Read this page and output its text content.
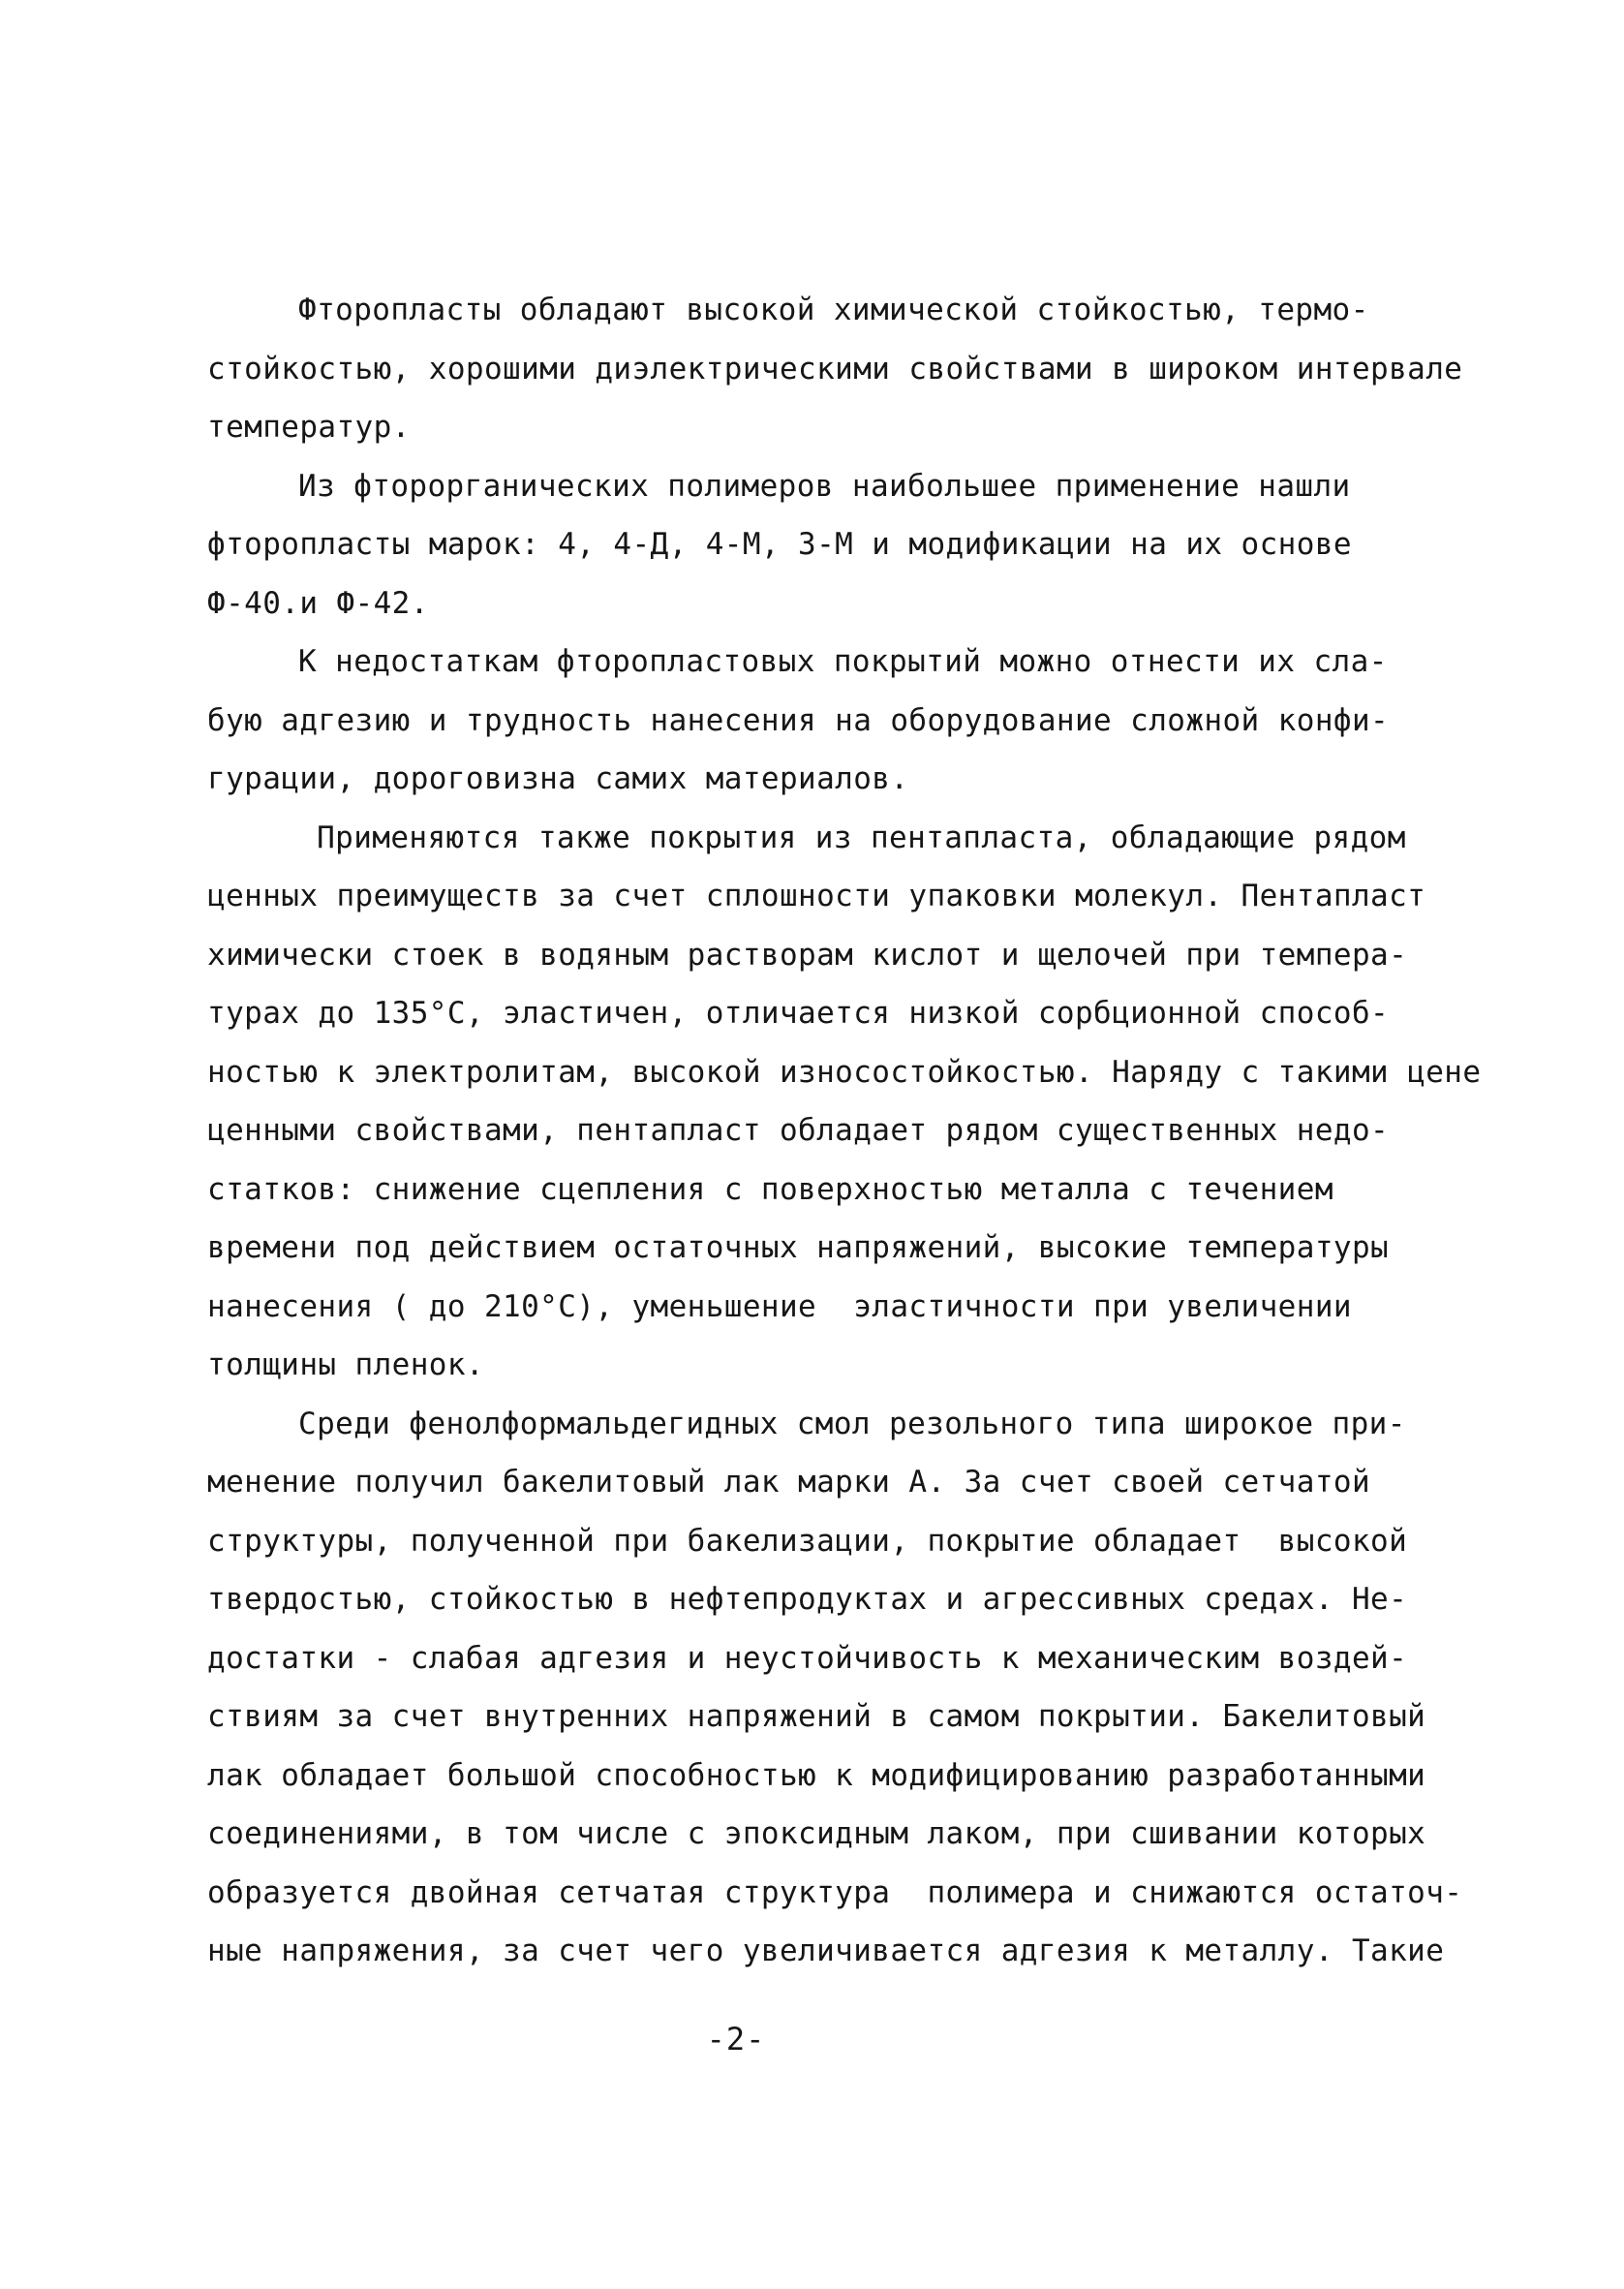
Фторопласты обладают высокой химической стойкостью, термо-
стойкостью, хорошими диэлектрическими свойствами в широком интервале
температур.
Из фторорганических полимеров наибольшее применение нашли
фторопласты марок: 4, 4-Д, 4-М, 3-М и модификации на их основе
Ф-40.и Ф-42.
К недостаткам фторопластовых покрытий можно отнести их сла-
бую адгезию и трудность нанесения на оборудование сложной конфи-
гурации, дороговизна самих материалов.
Применяются также покрытия из пентапласта, обладающие рядом
ценных преимуществ за счет сплошности упаковки молекул. Пентапласт
химически стоек в водяным растворам кислот и щелочей при темпера-
турах до 135°С, эластичен, отличается низкой сорбционной способ-
ностью к электролитам, высокой износостойкостью. Наряду с такими цене
ценными свойствами, пентапласт обладает рядом существенных недо-
статков: снижение сцепления с поверхностью металла с течением
времени под действием остаточных напряжений, высокие температуры
нанесения ( до 210°С), уменьшение  эластичности при увеличении
толщины пленок.
Среди фенолформальдегидных смол резольного типа широкое при-
менение получил бакелитовый лак марки А. За счет своей сетчатой
структуры, полученной при бакелизации, покрытие обладает  высокой
твердостью, стойкостью в нефтепродуктах и агрессивных средах. Не-
достатки - слабая адгезия и неустойчивость к механическим воздей-
ствиям за счет внутренних напряжений в самом покрытии. Бакелитовый
лак обладает большой способностью к модифицированию разработанными
соединениями, в том числе с эпоксидным лаком, при сшивании которых
образуется двойная сетчатая структура  полимера и снижаются остаточ-
ные напряжения, за счет чего увеличивается адгезия к металлу. Такие
-2-
